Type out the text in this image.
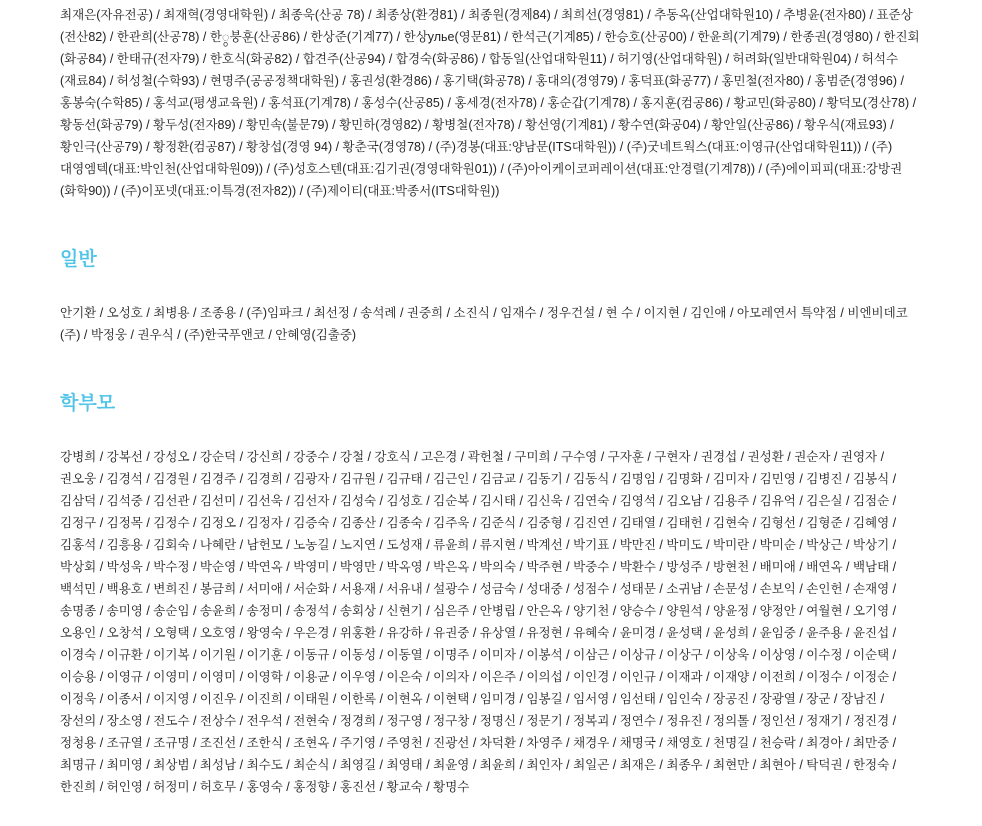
최재은(자유전공) / 최재혁(경영대학원) / 최종욱(산공 78) / 최종상(환경81) / 최종원(경제84) / 최희선(경영81) / 추동옥(산업대학원10) / 추병윤(전자80) / 표준상(전산82) / 한관희(산공78) / 한ွ붕훈(산공86) / 한상준(기계77) / 한상ульe(영문81) / 한석근(기계85) / 한승호(산공00) / 한윤희(기계79) / 한종권(경영80) / 한진회(화공84) / 한태규(전자79) / 한호식(화공82) / 합견주(산공94) / 합경숙(화공86) / 합동일(산업대학원11) / 허기영(산업대학원) / 허려화(일반대학원04) / 허석수(재료84) / 허성철(수학93) / 현명주(공공정책대학원) / 홍권성(환경86) / 홍기택(화공78) / 홍대의(경영79) / 홍덕표(화공77) / 홍민철(전자80) / 홍범준(경영96) / 홍봉숙(수학85) / 홍석교(평생교육원) / 홍석표(기계78) / 홍성수(산공85) / 홍세경(전자78) / 홍순갑(기계78) / 홍지훈(컴공86) / 황교민(화공80) / 황덕모(경산78) / 황동선(화공79) / 황두성(전자89) / 황민속(불문79) / 황민하(경영82) / 황병철(전자78) / 황선영(기계81) / 황수연(화공04) / 황안일(산공86) / 황우식(재료93) / 황인극(산공79) / 황정환(컴공87) / 황창섭(경영 94) / 황춘국(경영78) / (주)경봉(대표:양남문(ITS대학원)) / (주)굿네트웍스(대표:이영규(산업대학원11)) / (주)대영엠텍(대표:박인천(산업대학원09)) / (주)성호스텐(대표:김기권(경영대학원01)) / (주)아이케이코퍼레이션(대표:안경렬(기계78)) / (주)에이피피(대표:강방권(화학90)) / (주)이포넷(대표:이특경(전자82)) / (주)제이티(대표:박종서(ITS대학원))
일반
안기환 / 오성호 / 최병용 / 조종용 / (주)임파크 / 최선정 / 송석례 / 권중희 / 소진식 / 임재수 / 정우건설 / 현 수 / 이지현 / 김인애 / 아모레연서 특약점 / 비엔비데코(주) / 박정웅 / 권우식 / (주)한국푸앤코 / 안혜영(김출중)
학부모
강병희 / 강복선 / 강성오 / 강순덕 / 강신희 / 강중수 / 강철 / 강호식 / 고은경 / 곽헌철 / 구미희 / 구수영 / 구자훈 / 구현자 / 권경섭 / 권성환 / 권순자 / 권영자 / 권오웅 / 김경석 / 김경원 / 김경주 / 김경희 / 김광자 / 김규원 / 김규태 / 김근인 / 김금교 / 김동기 / 김동식 / 김명임 / 김명화 / 김미자 / 김민영 / 김병진 / 김봉식 / 김삼덕 / 김석중 / 김선관 / 김선미 / 김선욱 / 김선자 / 김성숙 / 김성호 / 김순복 / 김시태 / 김신욱 / 김연숙 / 김영석 / 김오남 / 김용주 / 김유억 / 김은실 / 김점순 / 김정구 / 김정목 / 김정수 / 김정오 / 김정자 / 김증숙 / 김종산 / 김종숙 / 김주욱 / 김준식 / 김중형 / 김진연 / 김태열 / 김태헌 / 김현숙 / 김형선 / 김형준 / 김혜영 / 김홍석 / 김흥용 / 김회숙 / 나혜란 / 남헌모 / 노농길 / 노지연 / 도성재 / 류윤희 / 류지현 / 박계선 / 박기표 / 박만진 / 박미도 / 박미란 / 박미순 / 박상근 / 박상기 / 박상회 / 박성욱 / 박수정 / 박순영 / 박연옥 / 박영미 / 박영만 / 박옥영 / 박은옥 / 박의숙 / 박주현 / 박중수 / 박환수 / 방성주 / 방현천 / 배미애 / 배연옥 / 백남태 / 백석민 / 백용호 / 변희진 / 봉금희 / 서미애 / 서순화 / 서용재 / 서유내 / 설광수 / 성금숙 / 성대중 / 성점수 / 성태문 / 소귀남 / 손문성 / 손보익 / 손인헌 / 손재영 / 송명종 / 송미영 / 송순임 / 송윤희 / 송정미 / 송정석 / 송회상 / 신현기 / 심은주 / 안병립 / 안은옥 / 양기천 / 양승수 / 양원석 / 양윤정 / 양정안 / 여월현 / 오기영 / 오용인 / 오창석 / 오형택 / 오호영 / 왕영숙 / 우은경 / 위홍환 / 유강하 / 유권중 / 유상열 / 유정현 / 유혜숙 / 윤미경 / 윤성택 / 윤성희 / 윤임중 / 윤주용 / 윤진섭 / 이경숙 / 이규환 / 이기복 / 이기원 / 이기훈 / 이동규 / 이동성 / 이동열 / 이명주 / 이미자 / 이봉석 / 이삼근 / 이상규 / 이상구 / 이상욱 / 이상영 / 이수정 / 이순택 / 이승용 / 이영규 / 이영미 / 이영미 / 이영학 / 이용균 / 이우영 / 이은숙 / 이의자 / 이은주 / 이의섭 / 이인경 / 이인규 / 이재과 / 이재양 / 이전희 / 이정수 / 이정순 / 이정욱 / 이종서 / 이지영 / 이진우 / 이진희 / 이태원 / 이한록 / 이현옥 / 이현택 / 임미경 / 임봉길 / 임서영 / 임선태 / 임인숙 / 장공진 / 장광열 / 장군 / 장남진 / 장선의 / 장소영 / 전도수 / 전상수 / 전우석 / 전현숙 / 정경희 / 정구영 / 정구창 / 정명신 / 정문기 / 정복괴 / 정연수 / 정유진 / 정의톨 / 정인선 / 정재기 / 정진경 / 정청용 / 조규열 / 조규명 / 조진선 / 조한식 / 조현옥 / 주기영 / 주영천 / 진광선 / 차덕환 / 차영주 / 채경우 / 채명국 / 채영호 / 천명길 / 천승락 / 최경아 / 최만중 / 최명규 / 최미영 / 최상범 / 최성남 / 최수도 / 최순식 / 최영길 / 최영태 / 최윤영 / 최윤희 / 최인자 / 최일곤 / 최재은 / 최종우 / 최현만 / 최현아 / 탁덕권 / 한정숙 / 한진희 / 허인영 / 허정미 / 허호무 / 홍영숙 / 홍정향 / 홍진선 / 황교숙 / 황명수
